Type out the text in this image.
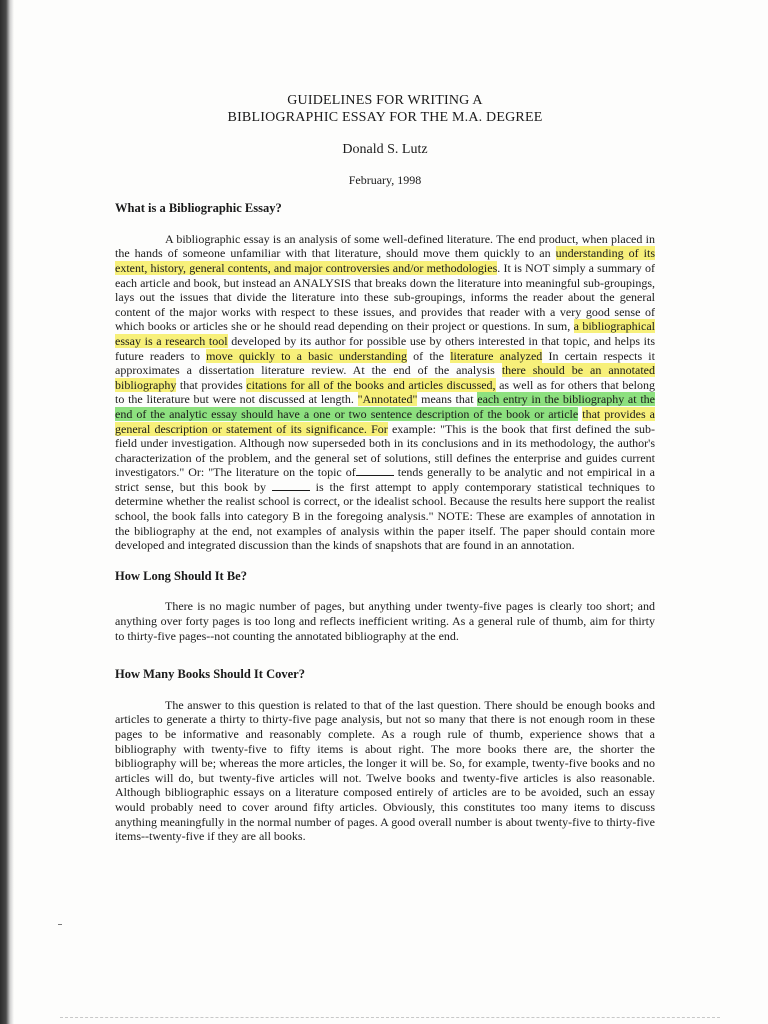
GUIDELINES FOR WRITING A
BIBLIOGRAPHIC ESSAY FOR THE M.A. DEGREE
Donald S. Lutz
February, 1998
What is a Bibliographic Essay?

A bibliographic essay is an analysis of some well-defined literature. The end product, when placed in the hands of someone unfamiliar with that literature, should move them quickly to an understanding of its extent, history, general contents, and major controversies and/or methodologies. It is NOT simply a summary of each article and book, but instead an ANALYSIS that breaks down the literature into meaningful sub-groupings, lays out the issues that divide the literature into these sub-groupings, informs the reader about the general content of the major works with respect to these issues, and provides that reader with a very good sense of which books or articles she or he should read depending on their project or questions. In sum, a bibliographical essay is a research tool developed by its author for possible use by others interested in that topic, and helps its future readers to move quickly to a basic understanding of the literature analyzed In certain respects it approximates a dissertation literature review. At the end of the analysis there should be an annotated bibliography that provides citations for all of the books and articles discussed, as well as for others that belong to the literature but were not discussed at length. "Annotated" means that each entry in the bibliography at the end of the analytic essay should have a one or two sentence description of the book or article that provides a general description or statement of its significance. For example: "This is the book that first defined the sub-field under investigation. Although now superseded both in its conclusions and in its methodology, the author's characterization of the problem, and the general set of solutions, still defines the enterprise and guides current investigators." Or: "The literature on the topic of	tends generally to be analytic and not empirical in a strict sense, but this book by	is the first attempt to apply contemporary statistical techniques to determine whether the realist school is correct, or the idealist school. Because the results here support the realist school, the book falls into category B in the foregoing analysis." NOTE: These are examples of annotation in the bibliography at the end, not examples of analysis within the paper itself. The paper should contain more developed and integrated discussion than the kinds of snapshots that are found in an annotation.

How Long Should It Be?

There is no magic number of pages, but anything under twenty-five pages is clearly too short; and anything over forty pages is too long and reflects inefficient writing. As a general rule of thumb, aim for thirty to thirty-five pages--not counting the annotated bibliography at the end.

How Many Books Should It Cover?

The answer to this question is related to that of the last question. There should be enough books and articles to generate a thirty to thirty-five page analysis, but not so many that there is not enough room in these pages to be informative and reasonably complete. As a rough rule of thumb, experience shows that a bibliography with twenty-five to fifty items is about right. The more books there are, the shorter the bibliography will be; whereas the more articles, the longer it will be. So, for example, twenty-five books and no articles will do, but twenty-five articles will not. Twelve books and twenty-five articles is also reasonable. Although bibliographic essays on a literature composed entirely of articles are to be avoided, such an essay would probably need to cover around fifty articles. Obviously, this constitutes too many items to discuss anything meaningfully in the normal number of pages. A good overall number is about twenty-five to thirty-five items--twenty-five if they are all books.
